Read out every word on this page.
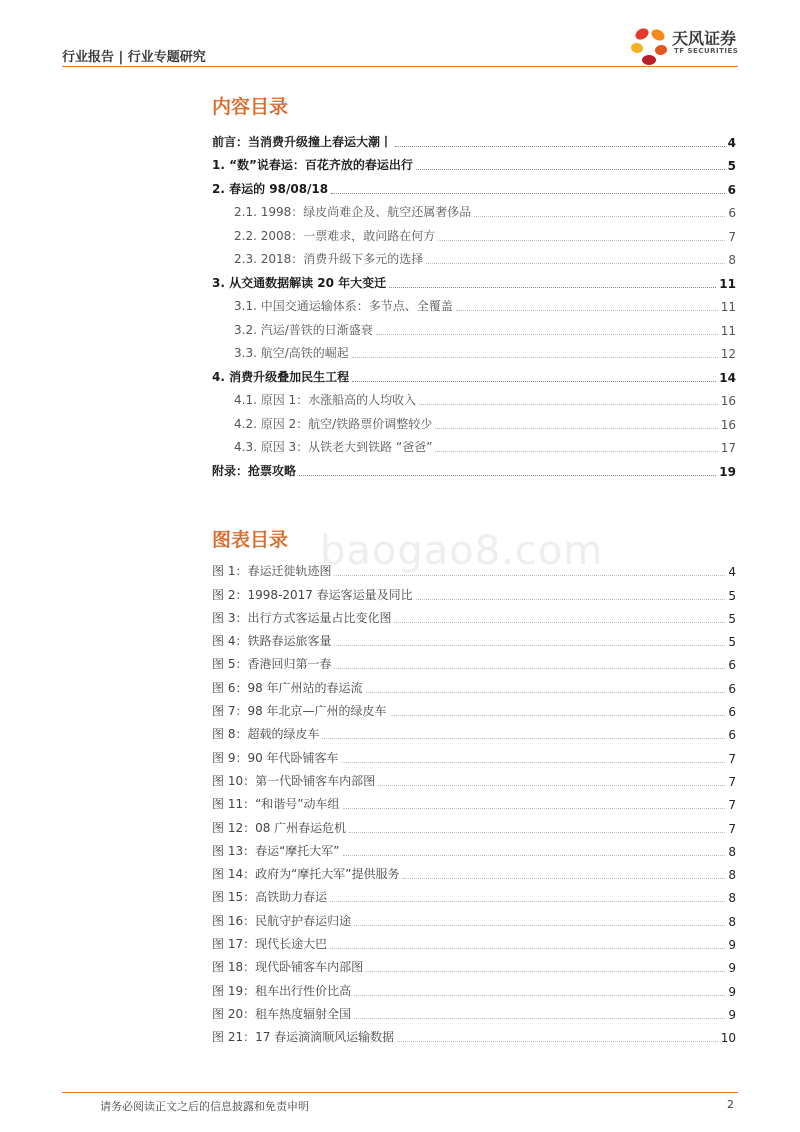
行业报告 | 行业专题研究
天风证券
TF SECURITIES
内容目录
前言：当消费升级撞上春运大潮丨	4
1. “数”说春运：百花齐放的春运出行	5
2. 春运的 98/08/18	6
2.1. 1998：绿皮尚难企及、航空还属奢侈品	6
2.2. 2008：一票难求，敢问路在何方	7
2.3. 2018：消费升级下多元的选择	8
3. 从交通数据解读 20 年大变迁	11
3.1. 中国交通运输体系：多节点、全覆盖	11
3.2. 汽运/普铁的日渐盛衰	11
3.3. 航空/高铁的崛起	12
4. 消费升级叠加民生工程	14
4.1. 原因 1：水涨船高的人均收入	16
4.2. 原因 2：航空/铁路票价调整较少	16
4.3. 原因 3：从铁老大到铁路 “爸爸”	17
附录：抢票攻略	19
baogao8.com
图表目录
图 1：春运迁徙轨迹图	4
图 2：1998-2017 春运客运量及同比	5
图 3：出行方式客运量占比变化图	5
图 4：铁路春运旅客量	5
图 5：香港回归第一春	6
图 6：98 年广州站的春运流	6
图 7：98 年北京—广州的绿皮车	6
图 8：超载的绿皮车	6
图 9：90 年代卧铺客车	7
图 10：第一代卧铺客车内部图	7
图 11：“和谐号”动车组	7
图 12：08 广州春运危机	7
图 13：春运“摩托大军”	8
图 14：政府为“摩托大军”提供服务	8
图 15：高铁助力春运	8
图 16：民航守护春运归途	8
图 17：现代长途大巴	9
图 18：现代卧铺客车内部图	9
图 19：租车出行性价比高	9
图 20：租车热度辐射全国	9
图 21：17 春运滴滴顺风运输数据	10
请务必阅读正文之后的信息披露和免责申明	2
